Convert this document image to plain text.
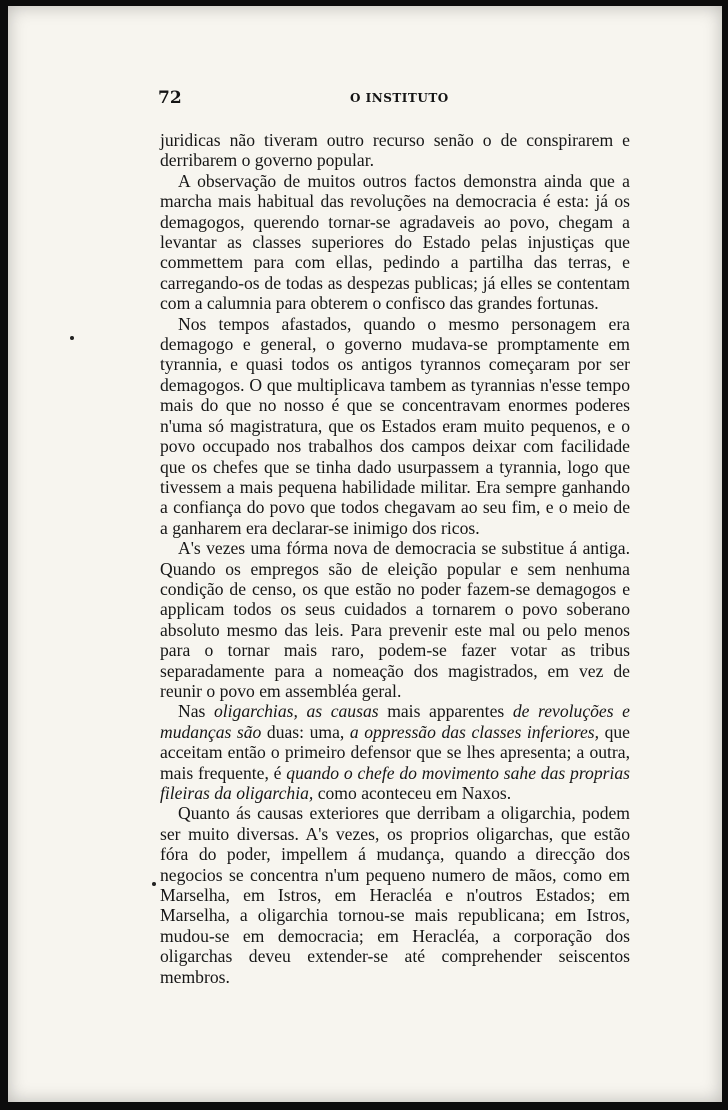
72	O INSTITUTO

juridicas não tiveram outro recurso senão o de conspirarem e derribarem o governo popular.

A observação de muitos outros factos demonstra ainda que a marcha mais habitual das revoluções na democracia é esta: já os demagogos, querendo tornar-se agradaveis ao povo, chegam a levantar as classes superiores do Estado pelas injustiças que commettem para com ellas, pedindo a partilha das terras, e carregando-os de todas as despezas publicas; já elles se contentam com a calumnia para obterem o confisco das grandes fortunas.

Nos tempos afastados, quando o mesmo personagem era demagogo e general, o governo mudava-se promptamente em tyrannia, e quasi todos os antigos tyrannos começaram por ser demagogos. O que multiplicava tambem as tyrannias n'esse tempo mais do que no nosso é que se concentravam enormes poderes n'uma só magistratura, que os Estados eram muito pequenos, e o povo occupado nos trabalhos dos campos deixar com facilidade que os chefes que se tinha dado usurpassem a tyrannia, logo que tivessem a mais pequena habilidade militar. Era sempre ganhando a confiança do povo que todos chegavam ao seu fim, e o meio de a ganharem era declarar-se inimigo dos ricos.

A's vezes uma fórma nova de democracia se substitue á antiga. Quando os empregos são de eleição popular e sem nenhuma condição de censo, os que estão no poder fazem-se demagogos e applicam todos os seus cuidados a tornarem o povo soberano absoluto mesmo das leis. Para prevenir este mal ou pelo menos para o tornar mais raro, podem-se fazer votar as tribus separadamente para a nomeação dos magistrados, em vez de reunir o povo em assembléa geral.

Nas oligarchias, as causas mais apparentes de revoluções e mudanças são duas: uma, a oppressão das classes inferiores, que acceitam então o primeiro defensor que se lhes apresenta; a outra, mais frequente, é quando o chefe do movimento sahe das proprias fileiras da oligarchia, como aconteceu em Naxos.

Quanto ás causas exteriores que derribam a oligarchia, podem ser muito diversas. A's vezes, os proprios oligarchas, que estão fóra do poder, impellem á mudança, quando a direcção dos negocios se concentra n'um pequeno numero de mãos, como em Marselha, em Istros, em Heracléa e n'outros Estados; em Marselha, a oligarchia tornou-se mais republicana; em Istros, mudou-se em democracia; em Heracléa, a corporação dos oligarchas deveu extender-se até comprehender seiscentos membros.
